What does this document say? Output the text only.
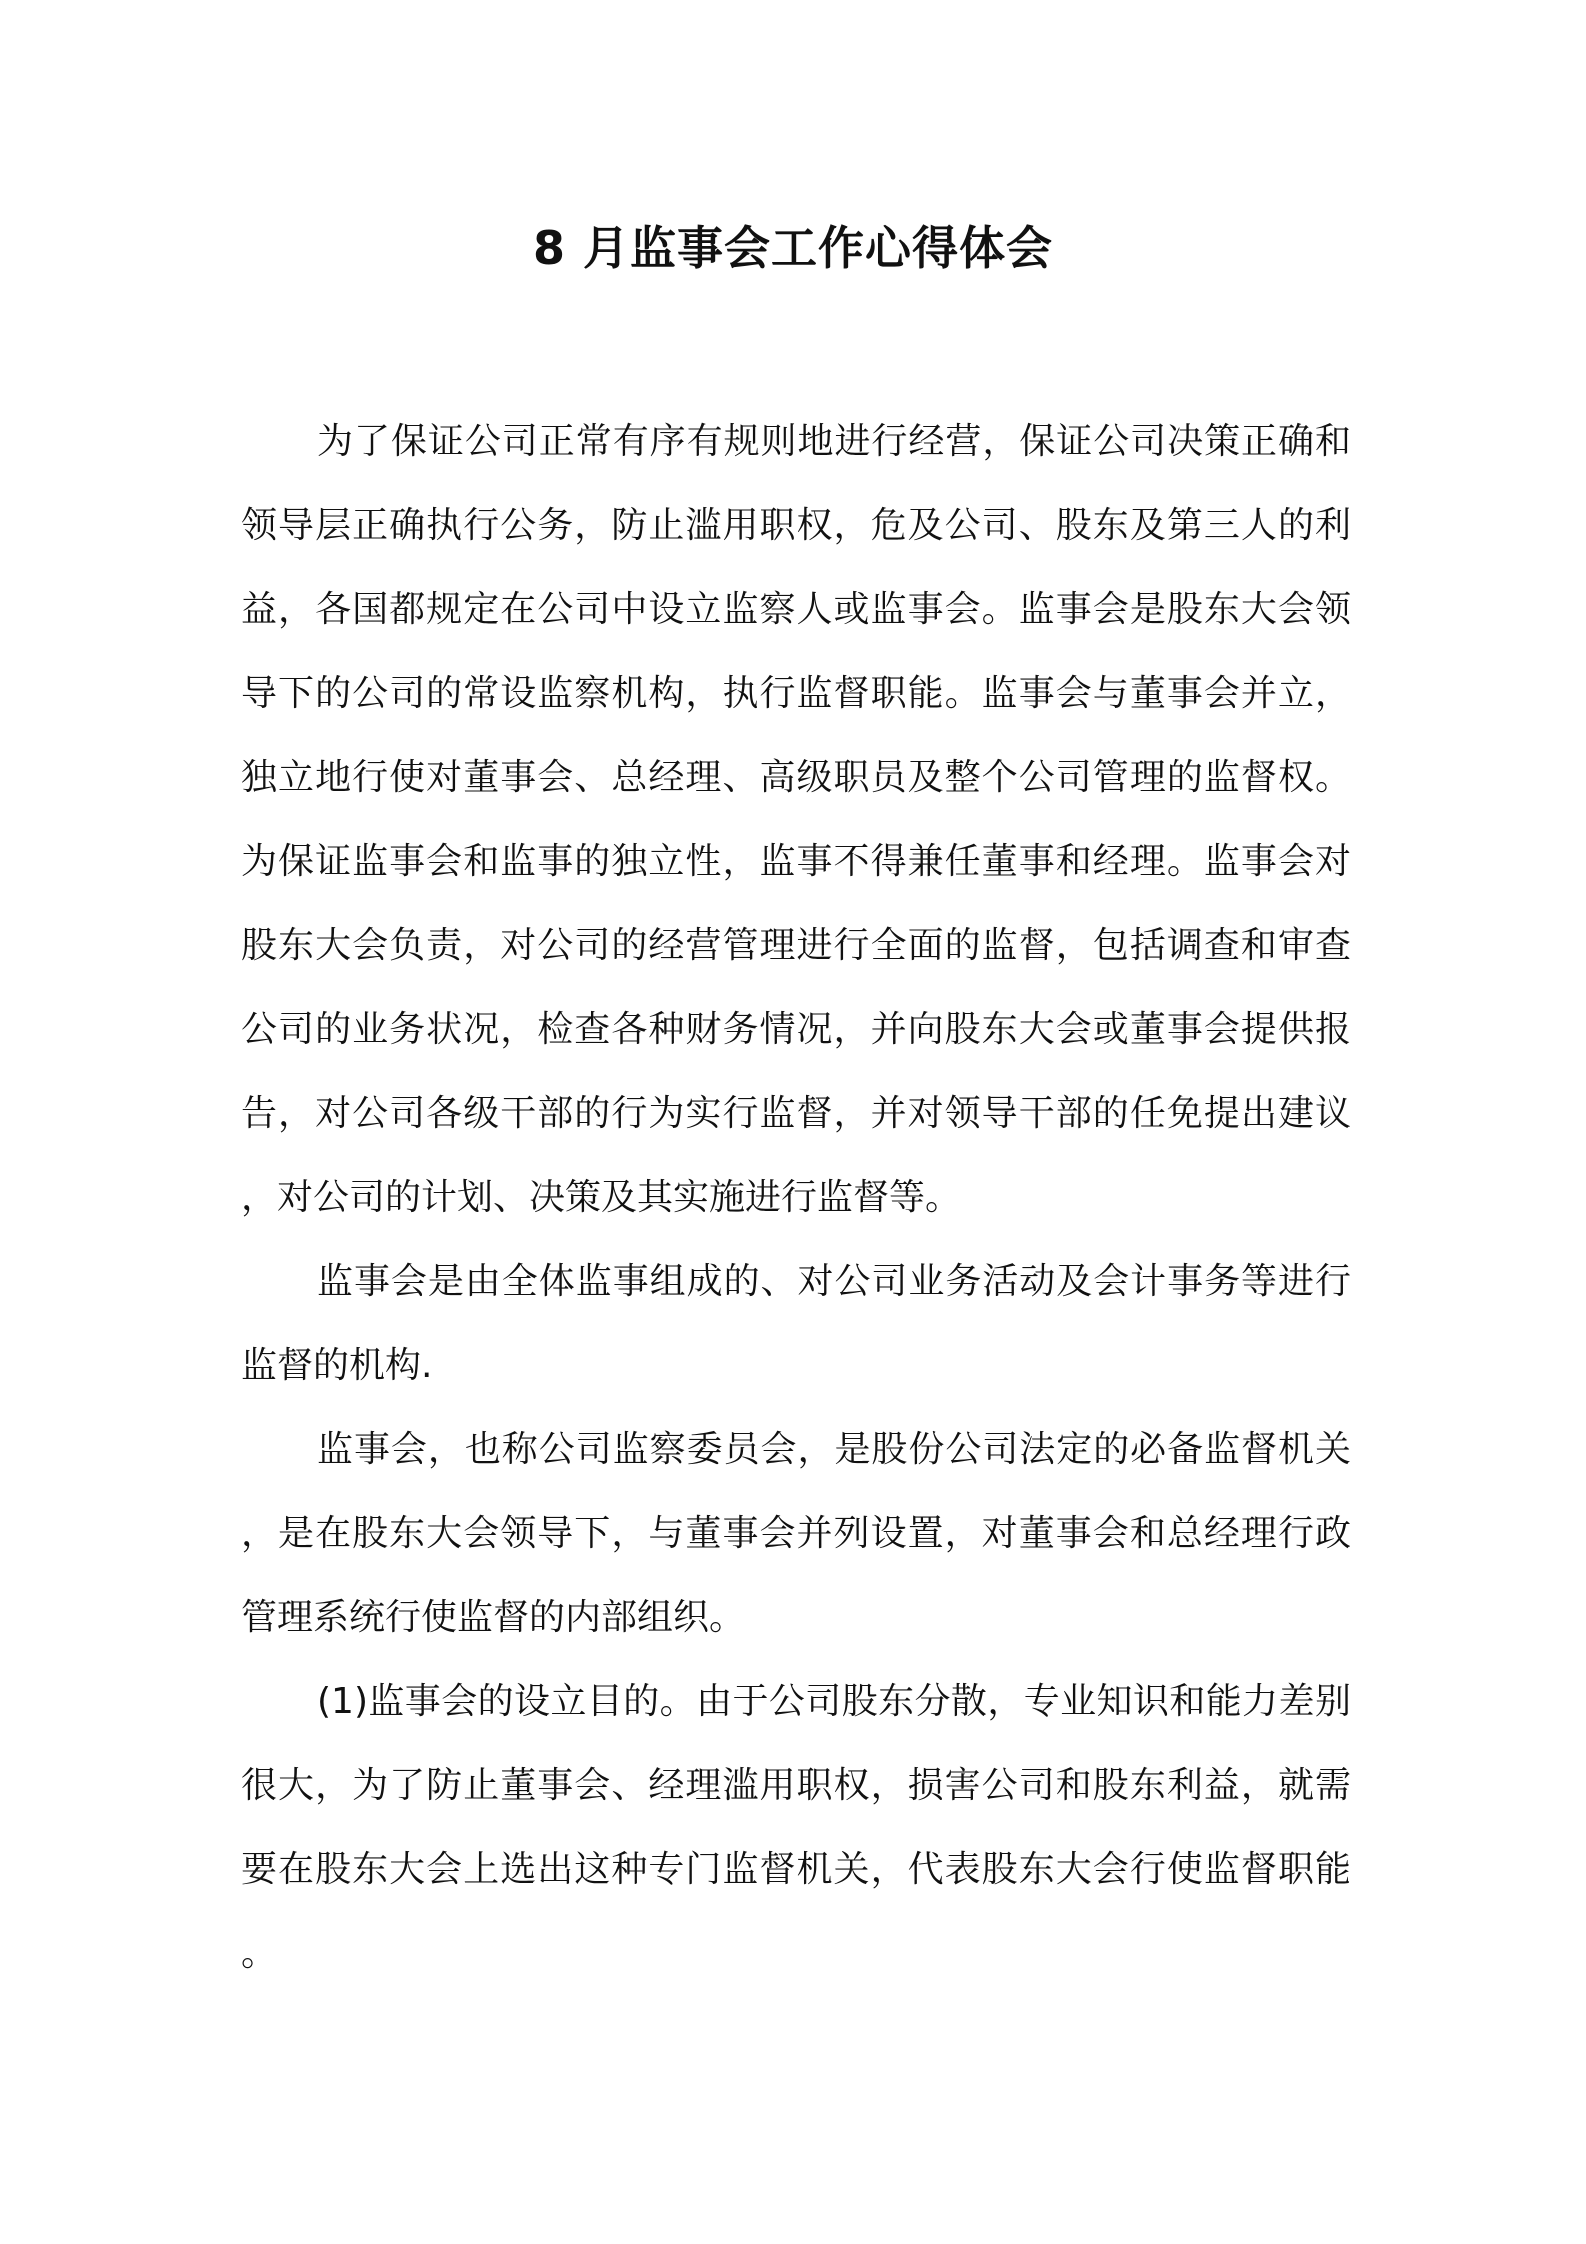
8 月监事会工作心得体会

为了保证公司正常有序有规则地进行经营，保证公司决策正确和领导层正确执行公务，防止滥用职权，危及公司、股东及第三人的利益，各国都规定在公司中设立监察人或监事会。监事会是股东大会领导下的公司的常设监察机构，执行监督职能。监事会与董事会并立，独立地行使对董事会、总经理、高级职员及整个公司管理的监督权。为保证监事会和监事的独立性，监事不得兼任董事和经理。监事会对股东大会负责，对公司的经营管理进行全面的监督，包括调查和审查公司的业务状况，检查各种财务情况，并向股东大会或董事会提供报告，对公司各级干部的行为实行监督，并对领导干部的任免提出建议，对公司的计划、决策及其实施进行监督等。

监事会是由全体监事组成的、对公司业务活动及会计事务等进行监督的机构.

监事会，也称公司监察委员会，是股份公司法定的必备监督机关，是在股东大会领导下，与董事会并列设置，对董事会和总经理行政管理系统行使监督的内部组织。

(1)监事会的设立目的。由于公司股东分散，专业知识和能力差别很大，为了防止董事会、经理滥用职权，损害公司和股东利益，就需要在股东大会上选出这种专门监督机关，代表股东大会行使监督职能。
